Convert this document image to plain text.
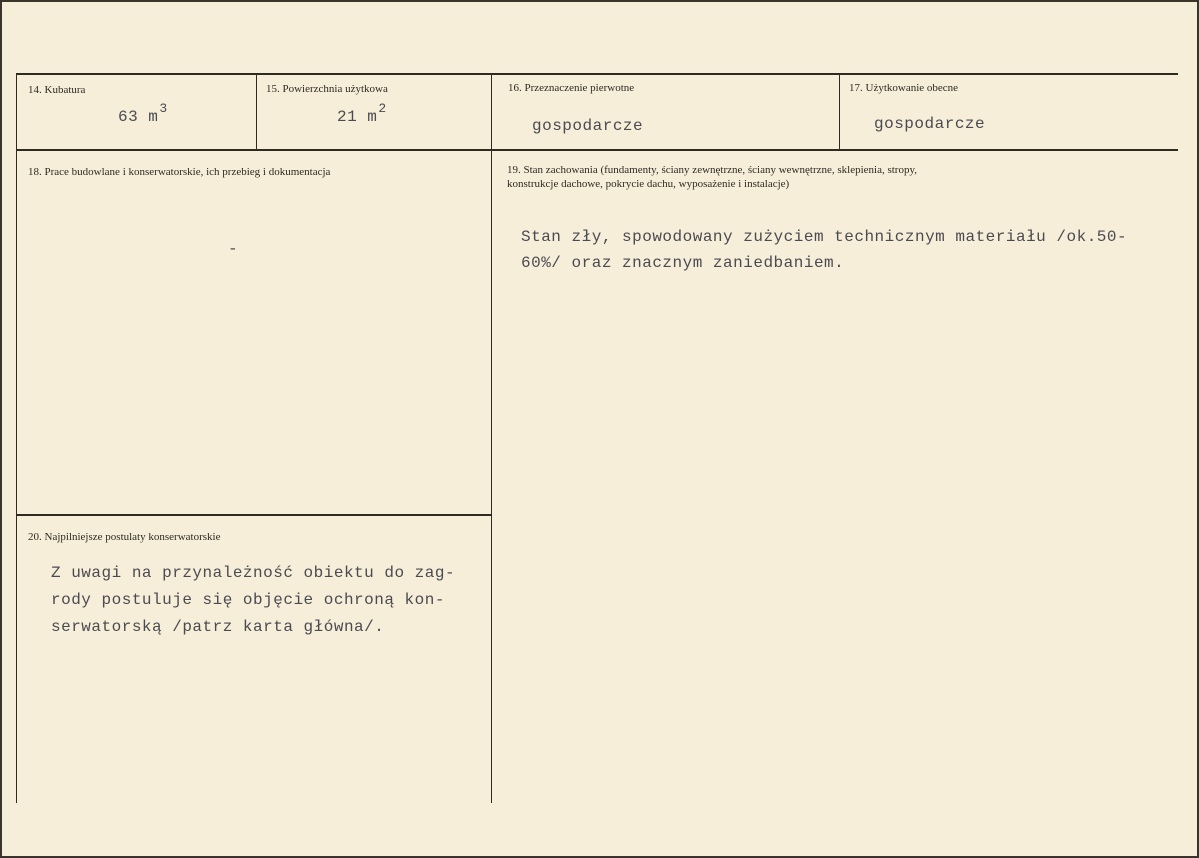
14. Kubatura
63 $m^3$
15. Powierzchnia użytkowa
21 $m^2$
16. Przeznaczenie pierwotne
gospodarcze
17. Użytkowanie obecne
gospodarcze
18. Prace budowlane i konserwatorskie, ich przebieg i dokumentacja
-
19. Stan zachowania (fundamenty, ściany zewnętrzne, ściany wewnętrzne, sklepienia, stropy,
konstrukcje dachowe, pokrycie dachu, wyposażenie i instalacje)
Stan zły, spowodowany zużyciem technicznym materiału /ok.50-
60%/ oraz znacznym zaniedbaniem.
20. Najpilniejsze postulaty konserwatorskie
Z uwagi na przynależność obiektu do zag-
rody postuluje się objęcie ochroną kon-
serwatorską /patrz karta główna/.
